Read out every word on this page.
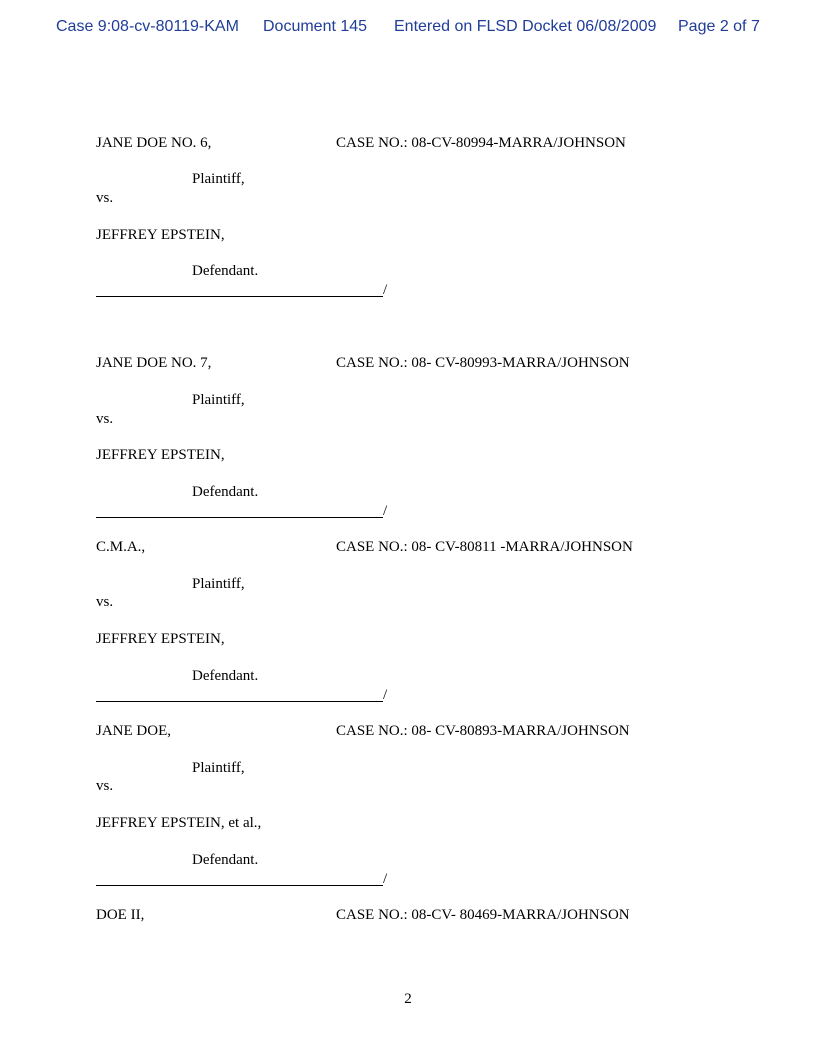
Case 9:08-cv-80119-KAM Document 145 Entered on FLSD Docket 06/08/2009 Page 2 of 7
JANE DOE NO. 6,	CASE NO.: 08-CV-80994-MARRA/JOHNSON
Plaintiff,
vs.
JEFFREY EPSTEIN,
Defendant.
/
JANE DOE NO. 7,	CASE NO.: 08- CV-80993-MARRA/JOHNSON
Plaintiff,
vs.
JEFFREY EPSTEIN,
Defendant.
/
C.M.A.,	CASE NO.: 08- CV-80811 -MARRA/JOHNSON
Plaintiff,
vs.
JEFFREY EPSTEIN,
Defendant.
/
JANE DOE,	CASE NO.: 08- CV-80893-MARRA/JOHNSON
Plaintiff,
vs.
JEFFREY EPSTEIN, et al.,
Defendant.
/
DOE II,	CASE NO.: 08-CV- 80469-MARRA/JOHNSON
2
